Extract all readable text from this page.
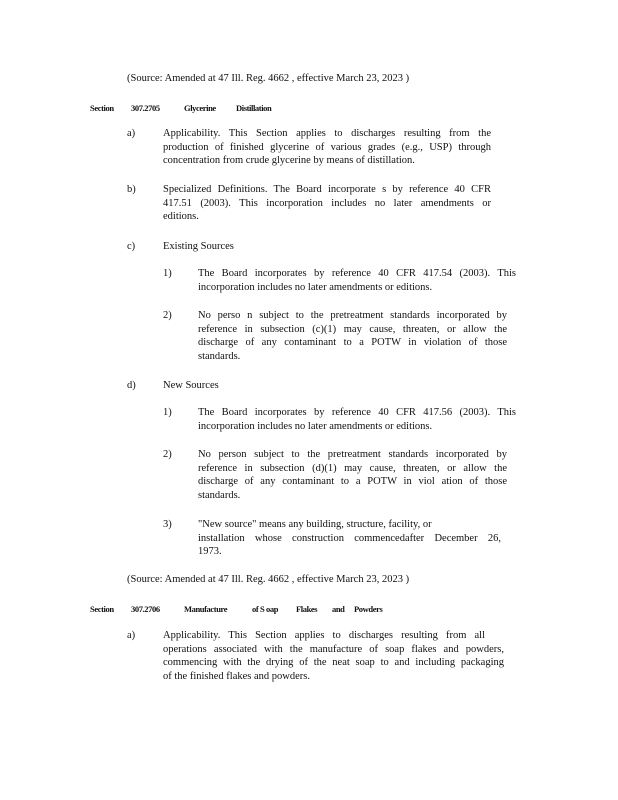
(Source: Amended at 47 Ill. Reg. 4662 , effective March 23, 2023 )
Section 307.2705	Glycerine Distillation
a)	Applicability. This Section applies to discharges resulting from the
production of finished glycerine of various grades (e.g., USP) through
concentration from crude glycerine by means of distillation.
b)	Specialized Definitions. The Board incorporate s by reference 40 CFR
417.51 (2003). This incorporation includes no later amendments or
editions.
c)	Existing Sources
1)	The Board incorporates by reference 40 CFR 417.54 (2003). This
incorporation includes no later amendments or editions.
2)	No perso n subject to the pretreatment standards incorporated by
reference in subsection (c)(1) may cause, threaten, or allow the
discharge of any contaminant to a POTW in violation of those
standards.
d)	New Sources
1)	The Board incorporates by reference 40 CFR 417.56 (2003). This
incorporation includes no later amendments or editions.
2)	No person subject to the pretreatment standards incorporated by
reference in subsection (d)(1) may cause, threaten, or allow the
discharge of any contaminant to a POTW in viol ation of those
standards.
3)	"New source" means any building, structure, facility, or
installation whose construction commencedafter December 26,
1973.
(Source: Amended at 47 Ill. Reg. 4662 , effective March 23, 2023 )
Section 307.2706	Manufacture	of S oap Flakes and Powders
a)	Applicability. This Section applies to discharges resulting from all
operations associated with the manufacture of soap flakes and powders,
commencing with the drying of the neat soap to and including packaging
of the finished flakes and powders.
